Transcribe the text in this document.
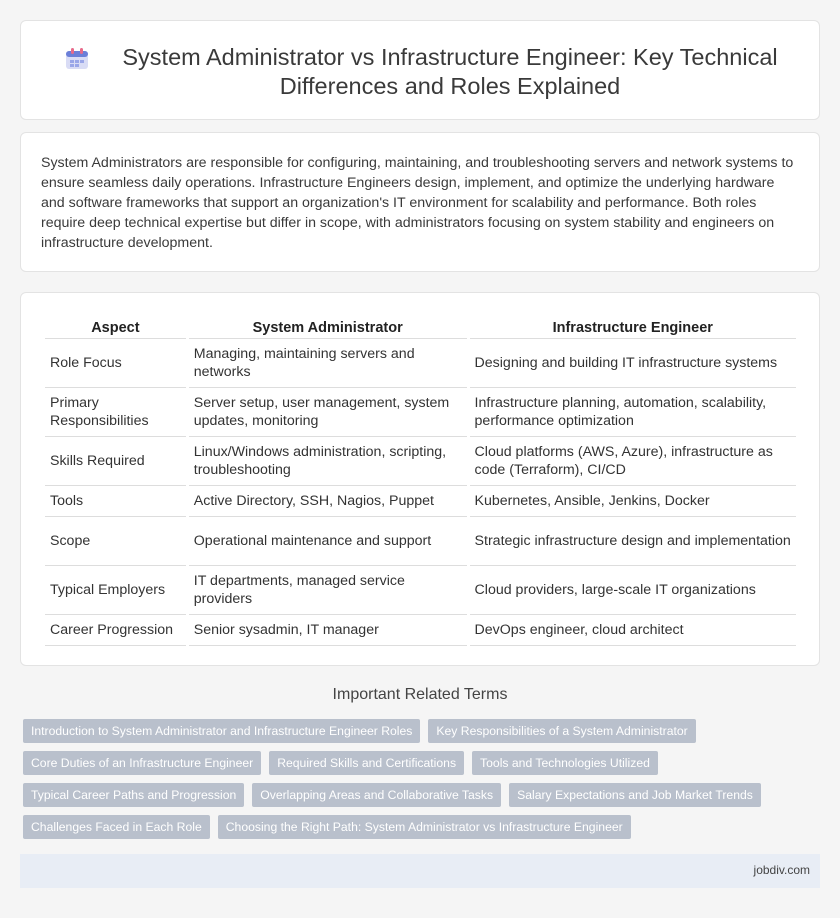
System Administrator vs Infrastructure Engineer: Key Technical Differences and Roles Explained

System Administrators are responsible for configuring, maintaining, and troubleshooting servers and network systems to ensure seamless daily operations. Infrastructure Engineers design, implement, and optimize the underlying hardware and software frameworks that support an organization's IT environment for scalability and performance. Both roles require deep technical expertise but differ in scope, with administrators focusing on system stability and engineers on infrastructure development.

Aspect	System Administrator	Infrastructure Engineer
Role Focus	Managing, maintaining servers and networks	Designing and building IT infrastructure systems
Primary Responsibilities	Server setup, user management, system updates, monitoring	Infrastructure planning, automation, scalability, performance optimization
Skills Required	Linux/Windows administration, scripting, troubleshooting	Cloud platforms (AWS, Azure), infrastructure as code (Terraform), CI/CD
Tools	Active Directory, SSH, Nagios, Puppet	Kubernetes, Ansible, Jenkins, Docker
Scope	Operational maintenance and support	Strategic infrastructure design and implementation
Typical Employers	IT departments, managed service providers	Cloud providers, large-scale IT organizations
Career Progression	Senior sysadmin, IT manager	DevOps engineer, cloud architect
Important Related Terms
Introduction to System Administrator and Infrastructure Engineer Roles	Key Responsibilities of a System Administrator
Core Duties of an Infrastructure Engineer	Required Skills and Certifications	Tools and Technologies Utilized
Typical Career Paths and Progression	Overlapping Areas and Collaborative Tasks	Salary Expectations and Job Market Trends
Challenges Faced in Each Role	Choosing the Right Path: System Administrator vs Infrastructure Engineer
jobdiv.com
